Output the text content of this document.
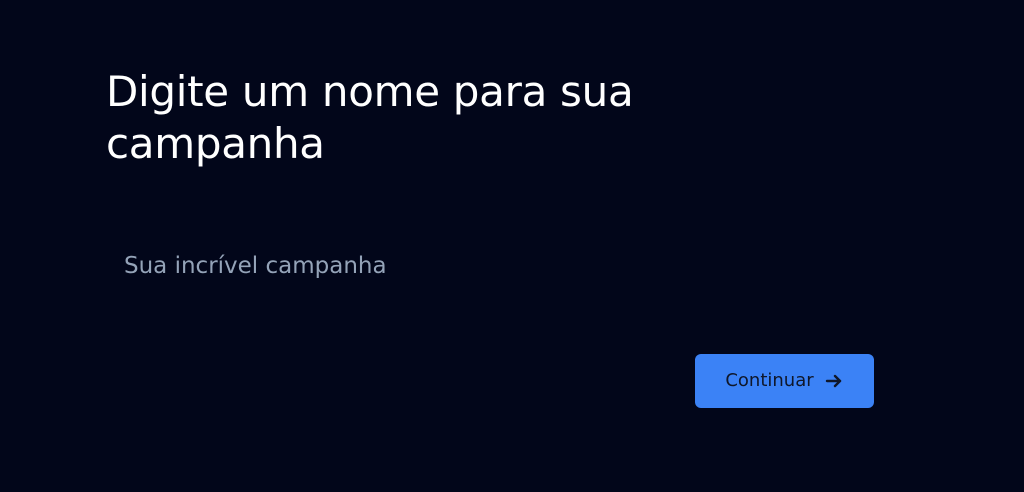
Digite um nome para sua campanha
Sua incrível campanha
Continuar
